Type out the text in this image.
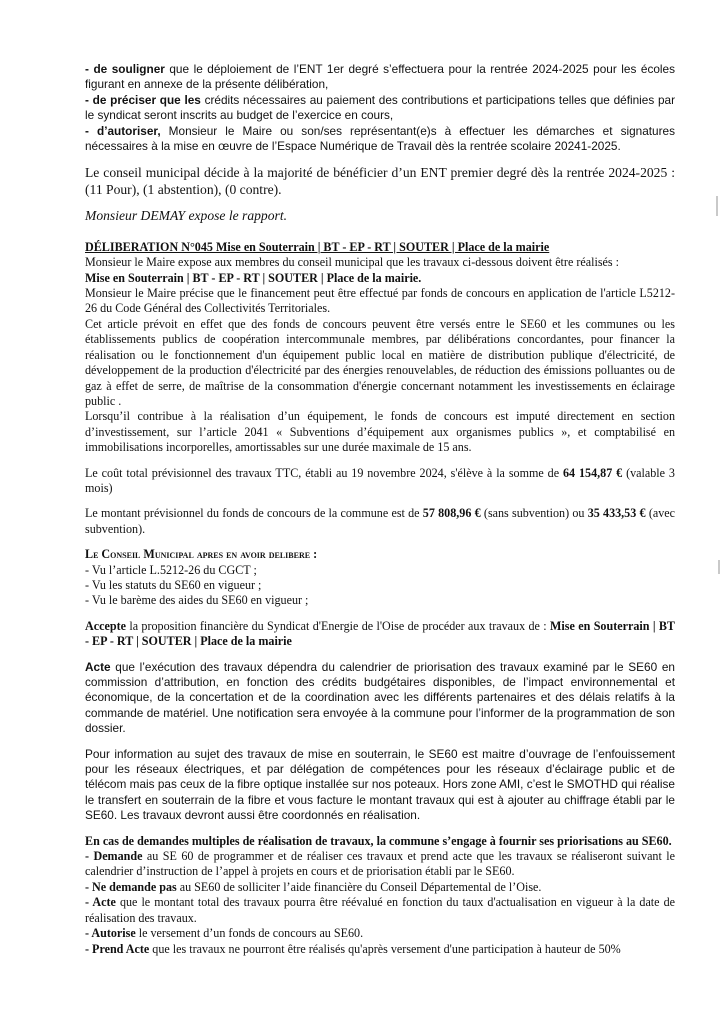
- de souligner que le déploiement de l’ENT 1er degré s’effectuera pour la rentrée 2024-2025 pour les écoles figurant en annexe de la présente délibération,

- de préciser que les crédits nécessaires au paiement des contributions et participations telles que définies par le syndicat seront inscrits au budget de l’exercice en cours,

- d’autoriser, Monsieur le Maire ou son/ses représentant(e)s à effectuer les démarches et signatures nécessaires à la mise en œuvre de l’Espace Numérique de Travail dès la rentrée scolaire 20241-2025.

Le conseil municipal décide à la majorité de bénéficier d’un ENT premier degré dès la rentrée 2024-2025 : (11 Pour), (1 abstention), (0 contre).

Monsieur DEMAY expose le rapport.

DÉLIBERATION N°045 Mise en Souterrain | BT - EP - RT | SOUTER | Place de la mairie

Monsieur le Maire expose aux membres du conseil municipal que les travaux ci-dessous doivent être réalisés :

Mise en Souterrain | BT - EP - RT | SOUTER | Place de la mairie.

Monsieur le Maire précise que le financement peut être effectué par fonds de concours en application de l'article L5212-26 du Code Général des Collectivités Territoriales.

Cet article prévoit en effet que des fonds de concours peuvent être versés entre le SE60 et les communes ou les établissements publics de coopération intercommunale membres, par délibérations concordantes, pour financer la réalisation ou le fonctionnement d'un équipement public local en matière de distribution publique d'électricité, de développement de la production d'électricité par des énergies renouvelables, de réduction des émissions polluantes ou de gaz à effet de serre, de maîtrise de la consommation d'énergie concernant notamment les investissements en éclairage public .

Lorsqu’il contribue à la réalisation d’un équipement, le fonds de concours est imputé directement en section d’investissement, sur l’article 2041 « Subventions d’équipement aux organismes publics », et comptabilisé en immobilisations incorporelles, amortissables sur une durée maximale de 15 ans.

Le coût total prévisionnel des travaux TTC, établi au 19 novembre 2024, s'élève à la somme de 64 154,87 € (valable 3 mois)

Le montant prévisionnel du fonds de concours de la commune est de 57 808,96 € (sans subvention) ou 35 433,53 € (avec subvention).

Le Conseil Municipal apres en avoir delibere :

- Vu l’article L.5212-26 du CGCT ;

- Vu les statuts du SE60 en vigueur ;

- Vu le barème des aides du SE60 en vigueur ;

Accepte la proposition financière du Syndicat d'Energie de l'Oise de procéder aux travaux de : Mise en Souterrain | BT - EP - RT | SOUTER | Place de la mairie

Acte que l’exécution des travaux dépendra du calendrier de priorisation des travaux examiné par le SE60 en commission d’attribution, en fonction des crédits budgétaires disponibles, de l’impact environnemental et économique, de la concertation et de la coordination avec les différents partenaires et des délais relatifs à la commande de matériel. Une notification sera envoyée à la commune pour l’informer de la programmation de son dossier.

Pour information au sujet des travaux de mise en souterrain, le SE60 est maitre d’ouvrage de l’enfouissement pour les réseaux électriques, et par délégation de compétences pour les réseaux d’éclairage public et de télécom mais pas ceux de la fibre optique installée sur nos poteaux. Hors zone AMI, c’est le SMOTHD qui réalise le transfert en souterrain de la fibre et vous facture le montant travaux qui est à ajouter au chiffrage établi par le SE60. Les travaux devront aussi être coordonnés en réalisation.

En cas de demandes multiples de réalisation de travaux, la commune s’engage à fournir ses priorisations au SE60.

- Demande au SE 60 de programmer et de réaliser ces travaux et prend acte que les travaux se réaliseront suivant le calendrier d’instruction de l’appel à projets en cours et de priorisation établi par le SE60.

- Ne demande pas au SE60 de solliciter l’aide financière du Conseil Départemental de l’Oise.

- Acte que le montant total des travaux pourra être réévalué en fonction du taux d'actualisation en vigueur à la date de réalisation des travaux.

- Autorise le versement d’un fonds de concours au SE60.

- Prend Acte que les travaux ne pourront être réalisés qu'après versement d'une participation à hauteur de 50%
